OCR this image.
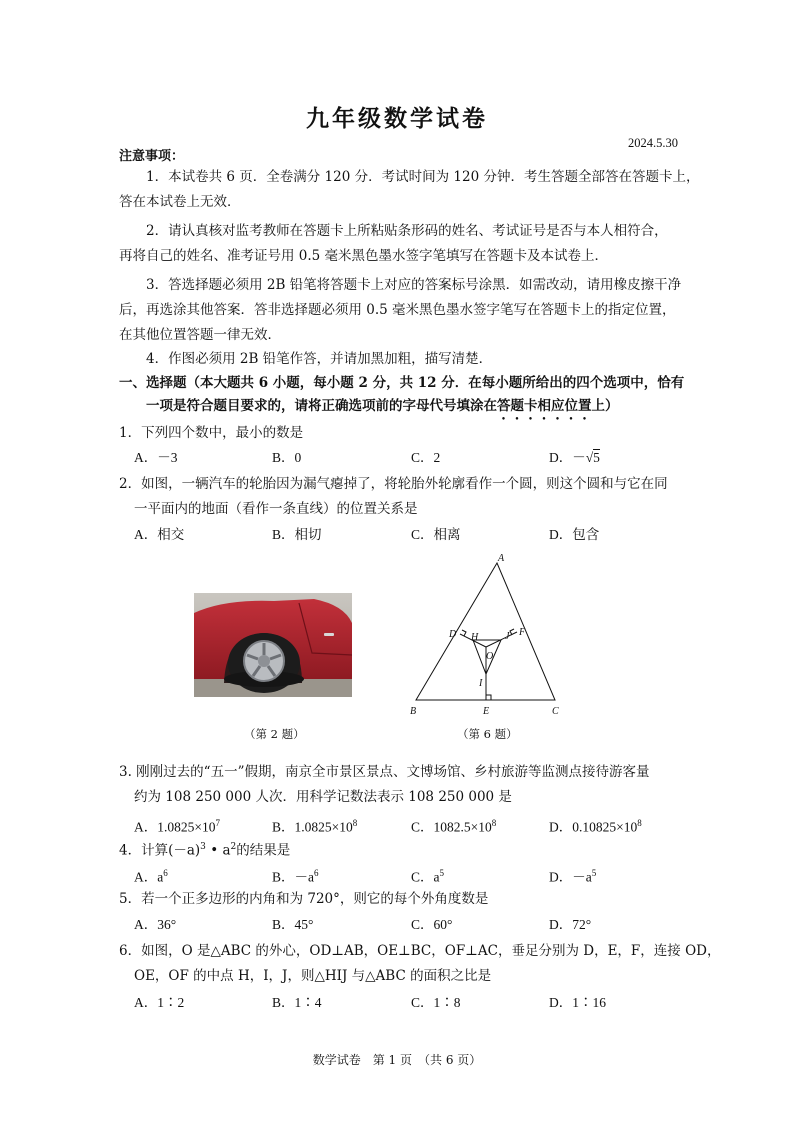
九年级数学试卷
2024.5.30
注意事项：
1．本试卷共 6 页．全卷满分 120 分．考试时间为 120 分钟．考生答题全部答在答题卡上，
答在本试卷上无效．
2．请认真核对监考教师在答题卡上所粘贴条形码的姓名、考试证号是否与本人相符合，
再将自己的姓名、准考证号用 0.5 毫米黑色墨水签字笔填写在答题卡及本试卷上．
3．答选择题必须用 2B 铅笔将答题卡上对应的答案标号涂黑．如需改动，请用橡皮擦干净
后，再选涂其他答案．答非选择题必须用 0.5 毫米黑色墨水签字笔写在答题卡上的指定位置，
在其他位置答题一律无效．
4．作图必须用 2B 铅笔作答，并请加黑加粗，描写清楚．
一、选择题（本大题共 6 小题，每小题 2 分，共 12 分．在每小题所给出的四个选项中，恰有
一项是符合题目要求的，请将正确选项前的字母代号填涂在答题卡相应位置上）
1．下列四个数中，最小的数是
A．－3	B．0	C．2	D．－√5
2．如图，一辆汽车的轮胎因为漏气瘪掉了，将轮胎外轮廓看作一个圆，则这个圆和与它在同
一平面内的地面（看作一条直线）的位置关系是
A．相交	B．相切	C．相离	D．包含
（第 2 题）
A
B	C
D
E
F
H
I
J
O
（第 6 题）
3. 刚刚过去的“五一”假期，南京全市景区景点、文博场馆、乡村旅游等监测点接待游客量
约为 108 250 000 人次．用科学记数法表示 108 250 000 是
A．$1.0825\times 10^7$	B．$1.0825\times 10^8$	C．$1082.5\times 10^8$	D．$0.10825\times 10^8$
4．计算$(-a)^3$ • $a^2$的结果是
A．$a^6$	B．$-a^6$	C．$a^5$	D．$-a^5$
5．若一个正多边形的内角和为 720°，则它的每个外角度数是
A．36°	B．45°	C．60°	D．72°
6．如图，O 是△ABC 的外心，OD⊥AB，OE⊥BC，OF⊥AC，垂足分别为 D，E，F，连接 OD，
OE，OF 的中点 H，I，J，则△HIJ 与△ABC 的面积之比是
A．1∶2	B．1∶4	C．1∶8	D．1∶16
数学试卷　第 1 页　（共 6 页）
